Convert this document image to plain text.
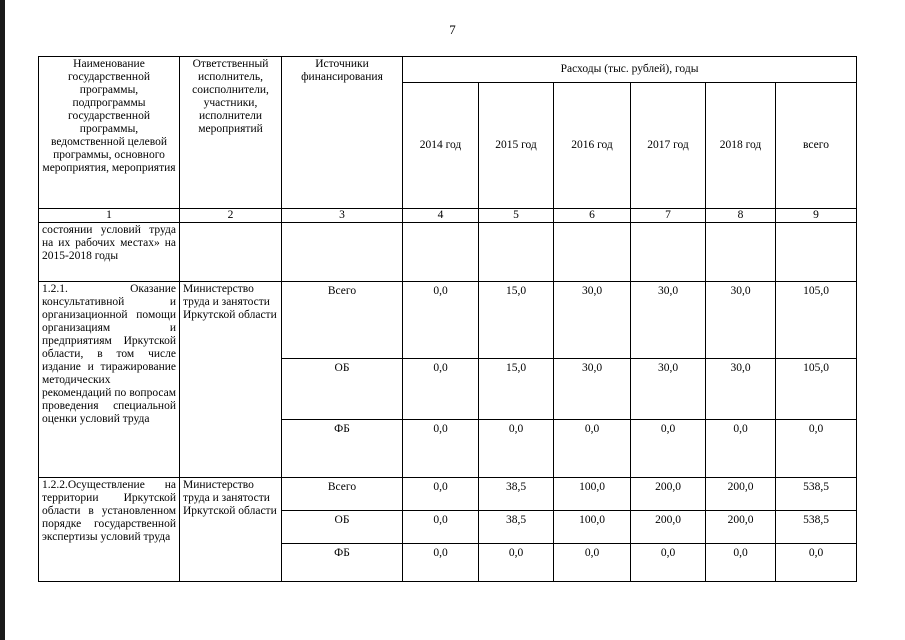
7
Наименование государственной программы, подпрограммы государственной программы, ведомственной целевой программы, основного мероприятия, мероприятия	Ответственный исполнитель, соисполнители, участники, исполнители мероприятий	Источники финансирования	Расходы (тыс. рублей), годы					
			2014 год	2015 год	2016 год	2017 год	2018 год	всего
1	2	3	4	5	6	7	8	9
состоянии условий труда на их рабочих местах» на 2015-2018 годы								
1.2.1. Оказание консультативной и организационной помощи организациям и предприятиям Иркутской области, в том числе издание и тиражирование методических рекомендаций по вопросам проведения специальной оценки условий труда	Министерство труда и занятости Иркутской области	Всего	0,0	15,0	30,0	30,0	30,0	105,0
		ОБ	0,0	15,0	30,0	30,0	30,0	105,0
		ФБ	0,0	0,0	0,0	0,0	0,0	0,0
1.2.2.Осуществление на территории Иркутской области в установленном порядке государственной экспертизы условий труда	Министерство труда и занятости Иркутской области	Всего	0,0	38,5	100,0	200,0	200,0	538,5
		ОБ	0,0	38,5	100,0	200,0	200,0	538,5
		ФБ	0,0	0,0	0,0	0,0	0,0	0,0
